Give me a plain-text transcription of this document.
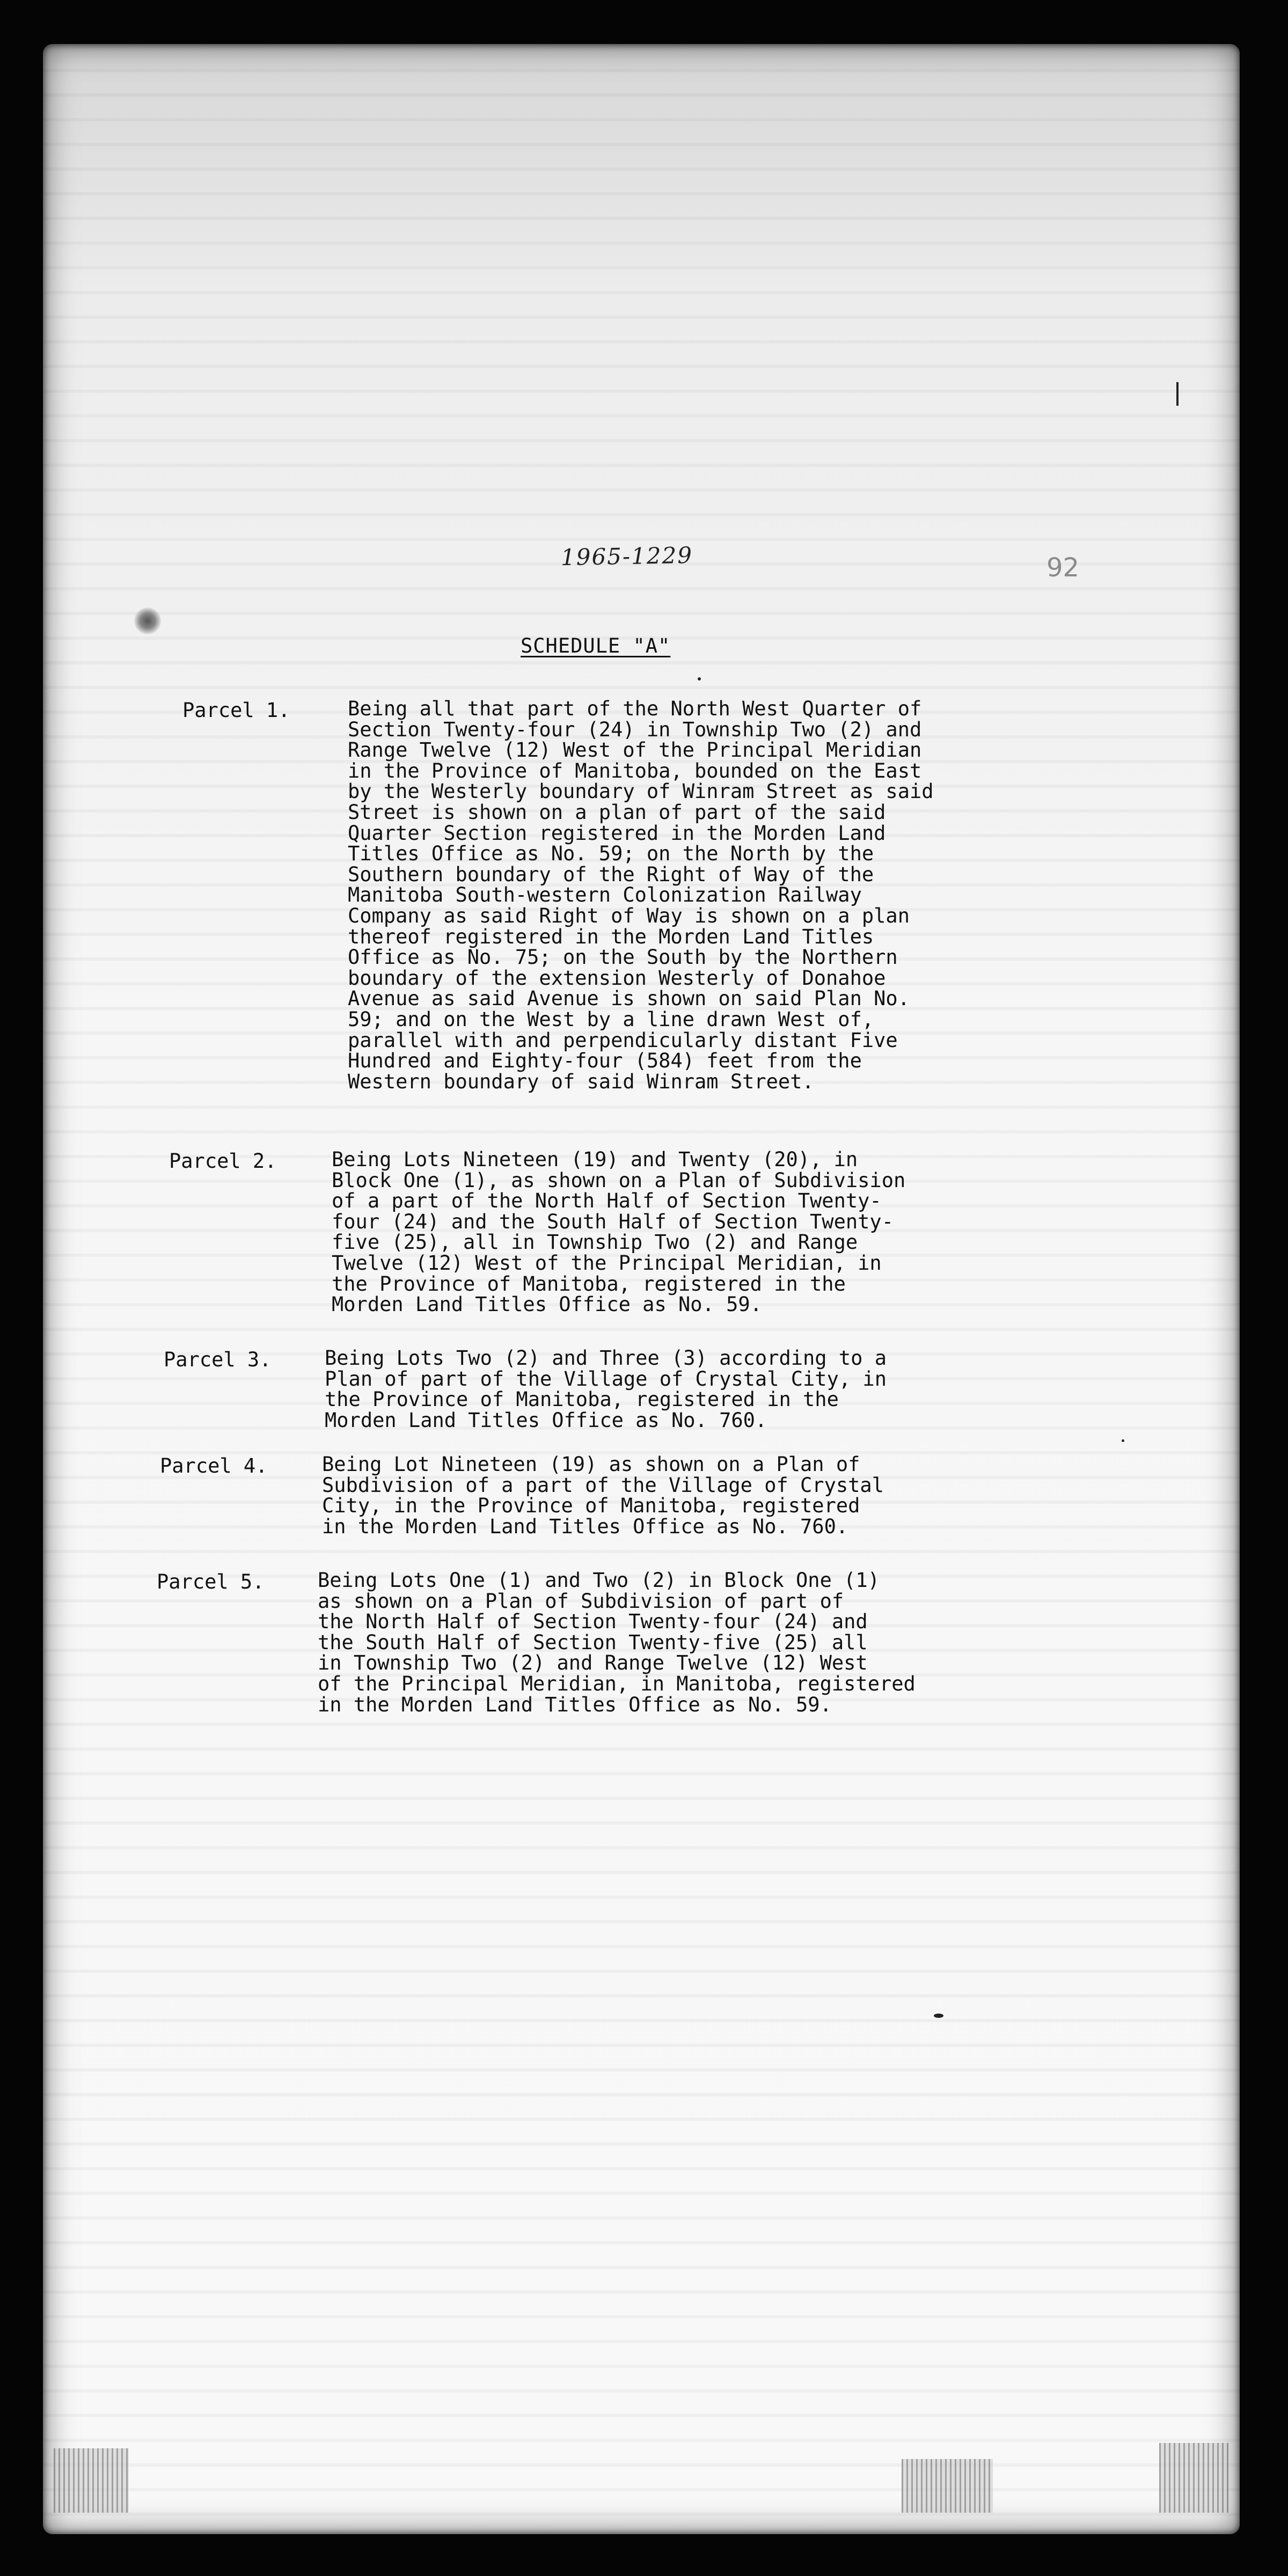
1965-1229	92
SCHEDULE "A"
Parcel 1.	Being all that part of the North West Quarter of
Section Twenty-four (24) in Township Two (2) and
Range Twelve (12) West of the Principal Meridian
in the Province of Manitoba, bounded on the East
by the Westerly boundary of Winram Street as said
Street is shown on a plan of part of the said
Quarter Section registered in the Morden Land
Titles Office as No. 59; on the North by the
Southern boundary of the Right of Way of the
Manitoba South-western Colonization Railway
Company as said Right of Way is shown on a plan
thereof registered in the Morden Land Titles
Office as No. 75; on the South by the Northern
boundary of the extension Westerly of Donahoe
Avenue as said Avenue is shown on said Plan No.
59; and on the West by a line drawn West of,
parallel with and perpendicularly distant Five
Hundred and Eighty-four (584) feet from the
Western boundary of said Winram Street.
Parcel 2.	Being Lots Nineteen (19) and Twenty (20), in
Block One (1), as shown on a Plan of Subdivision
of a part of the North Half of Section Twenty-
four (24) and the South Half of Section Twenty-
five (25), all in Township Two (2) and Range
Twelve (12) West of the Principal Meridian, in
the Province of Manitoba, registered in the
Morden Land Titles Office as No. 59.
Parcel 3.	Being Lots Two (2) and Three (3) according to a
Plan of part of the Village of Crystal City, in
the Province of Manitoba, registered in the
Morden Land Titles Office as No. 760.
Parcel 4.	Being Lot Nineteen (19) as shown on a Plan of
Subdivision of a part of the Village of Crystal
City, in the Province of Manitoba, registered
in the Morden Land Titles Office as No. 760.
Parcel 5.	Being Lots One (1) and Two (2) in Block One (1)
as shown on a Plan of Subdivision of part of
the North Half of Section Twenty-four (24) and
the South Half of Section Twenty-five (25) all
in Township Two (2) and Range Twelve (12) West
of the Principal Meridian, in Manitoba, registered
in the Morden Land Titles Office as No. 59.
